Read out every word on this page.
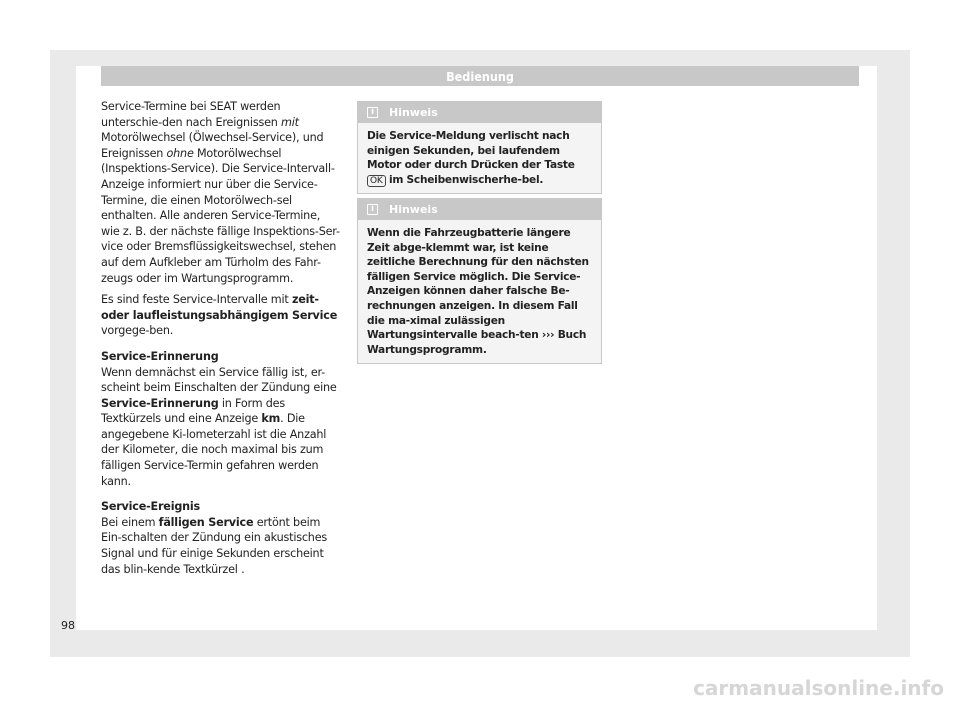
Bedienung

Service-Termine bei SEAT werden unterschie-den nach Ereignissen mit Motorölwechsel (Ölwechsel-Service), und Ereignissen ohne Motorölwechsel (Inspektions-Service). Die Service-Intervall-Anzeige informiert nur über die Service-Termine, die einen Motorölwech-sel enthalten. Alle anderen Service-Termine, wie z. B. der nächste fällige Inspektions-Ser-vice oder Bremsflüssigkeitswechsel, stehen auf dem Aufkleber am Türholm des Fahr-zeugs oder im Wartungsprogramm.

Es sind feste Service-Intervalle mit zeit- oder laufleistungsabhängigem Service vorgege-ben.

Service-Erinnerung

Wenn demnächst ein Service fällig ist, er-scheint beim Einschalten der Zündung eine Service-Erinnerung in Form des Textkürzels und eine Anzeige km. Die angegebene Ki-lometerzahl ist die Anzahl der Kilometer, die noch maximal bis zum fälligen Service-Termin gefahren werden kann.

Service-Ereignis

Bei einem fälligen Service ertönt beim Ein-schalten der Zündung ein akustisches Signal und für einige Sekunden erscheint das blin-kende Textkürzel .

i	Hinweis
Die Service-Meldung verlischt nach einigen Sekunden, bei laufendem Motor oder durch Drücken der Taste OK im Scheibenwischerhe-bel.
i	Hinweis
Wenn die Fahrzeugbatterie längere Zeit abge-klemmt war, ist keine zeitliche Berechnung für den nächsten fälligen Service möglich. Die Service-Anzeigen können daher falsche Be-rechnungen anzeigen. In diesem Fall die ma-ximal zulässigen Wartungsintervalle beach-ten ››› Buch Wartungsprogramm.
98
carmanualsonline.info
